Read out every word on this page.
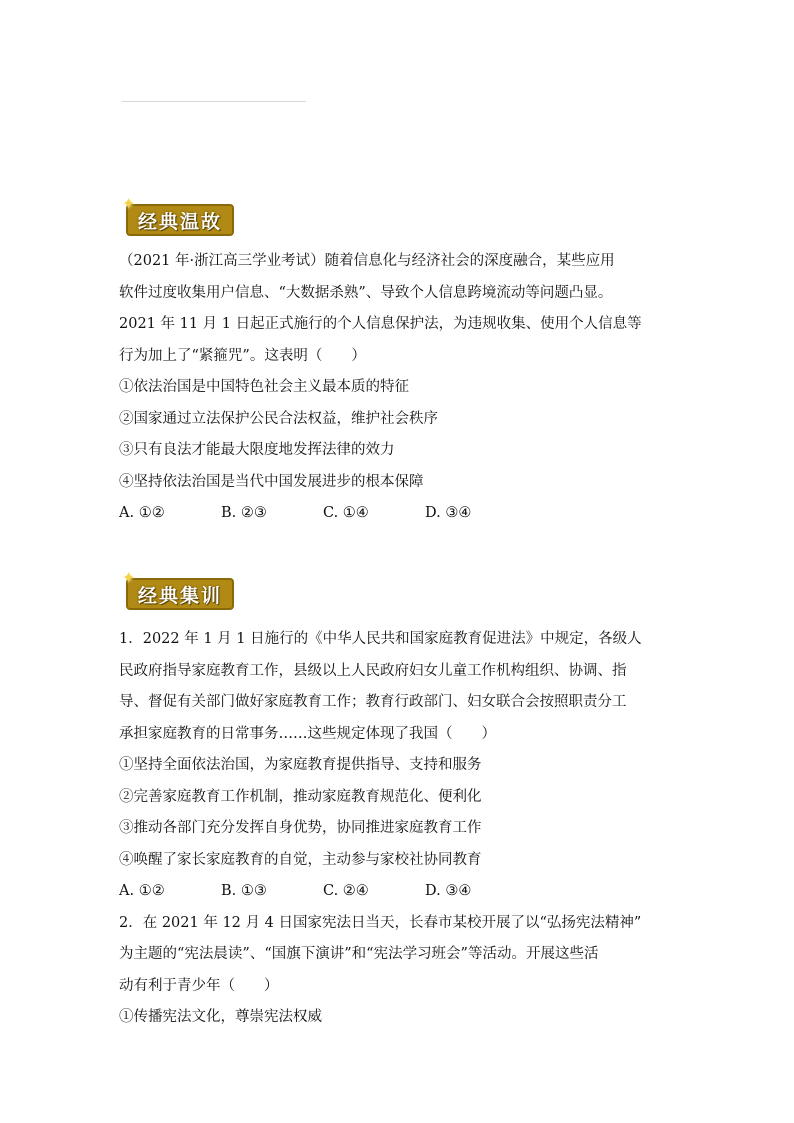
✦
经典温故
（2021 年·浙江高三学业考试）随着信息化与经济社会的深度融合，某些应用
软件过度收集用户信息、“大数据杀熟”、导致个人信息跨境流动等问题凸显。
2021 年 11 月 1 日起正式施行的个人信息保护法，为违规收集、使用个人信息等
行为加上了“紧箍咒”。这表明（　　）
①依法治国是中国特色社会主义最本质的特征
②国家通过立法保护公民合法权益，维护社会秩序
③只有良法才能最大限度地发挥法律的效力
④坚持依法治国是当代中国发展进步的根本保障
A. ①②	B. ②③	C. ①④	D. ③④
✦
经典集训
1．2022 年 1 月 1 日施行的《中华人民共和国家庭教育促进法》中规定，各级人
民政府指导家庭教育工作，县级以上人民政府妇女儿童工作机构组织、协调、指
导、督促有关部门做好家庭教育工作；教育行政部门、妇女联合会按照职责分工
承担家庭教育的日常事务……这些规定体现了我国（　　）
①坚持全面依法治国，为家庭教育提供指导、支持和服务
②完善家庭教育工作机制，推动家庭教育规范化、便利化
③推动各部门充分发挥自身优势，协同推进家庭教育工作
④唤醒了家长家庭教育的自觉，主动参与家校社协同教育
A. ①②	B. ①③	C. ②④	D. ③④
2．在 2021 年 12 月 4 日国家宪法日当天，长春市某校开展了以“弘扬宪法精神”
为主题的“宪法晨读”、“国旗下演讲”和“宪法学习班会”等活动。开展这些活
动有利于青少年（　　）
①传播宪法文化，尊崇宪法权威
